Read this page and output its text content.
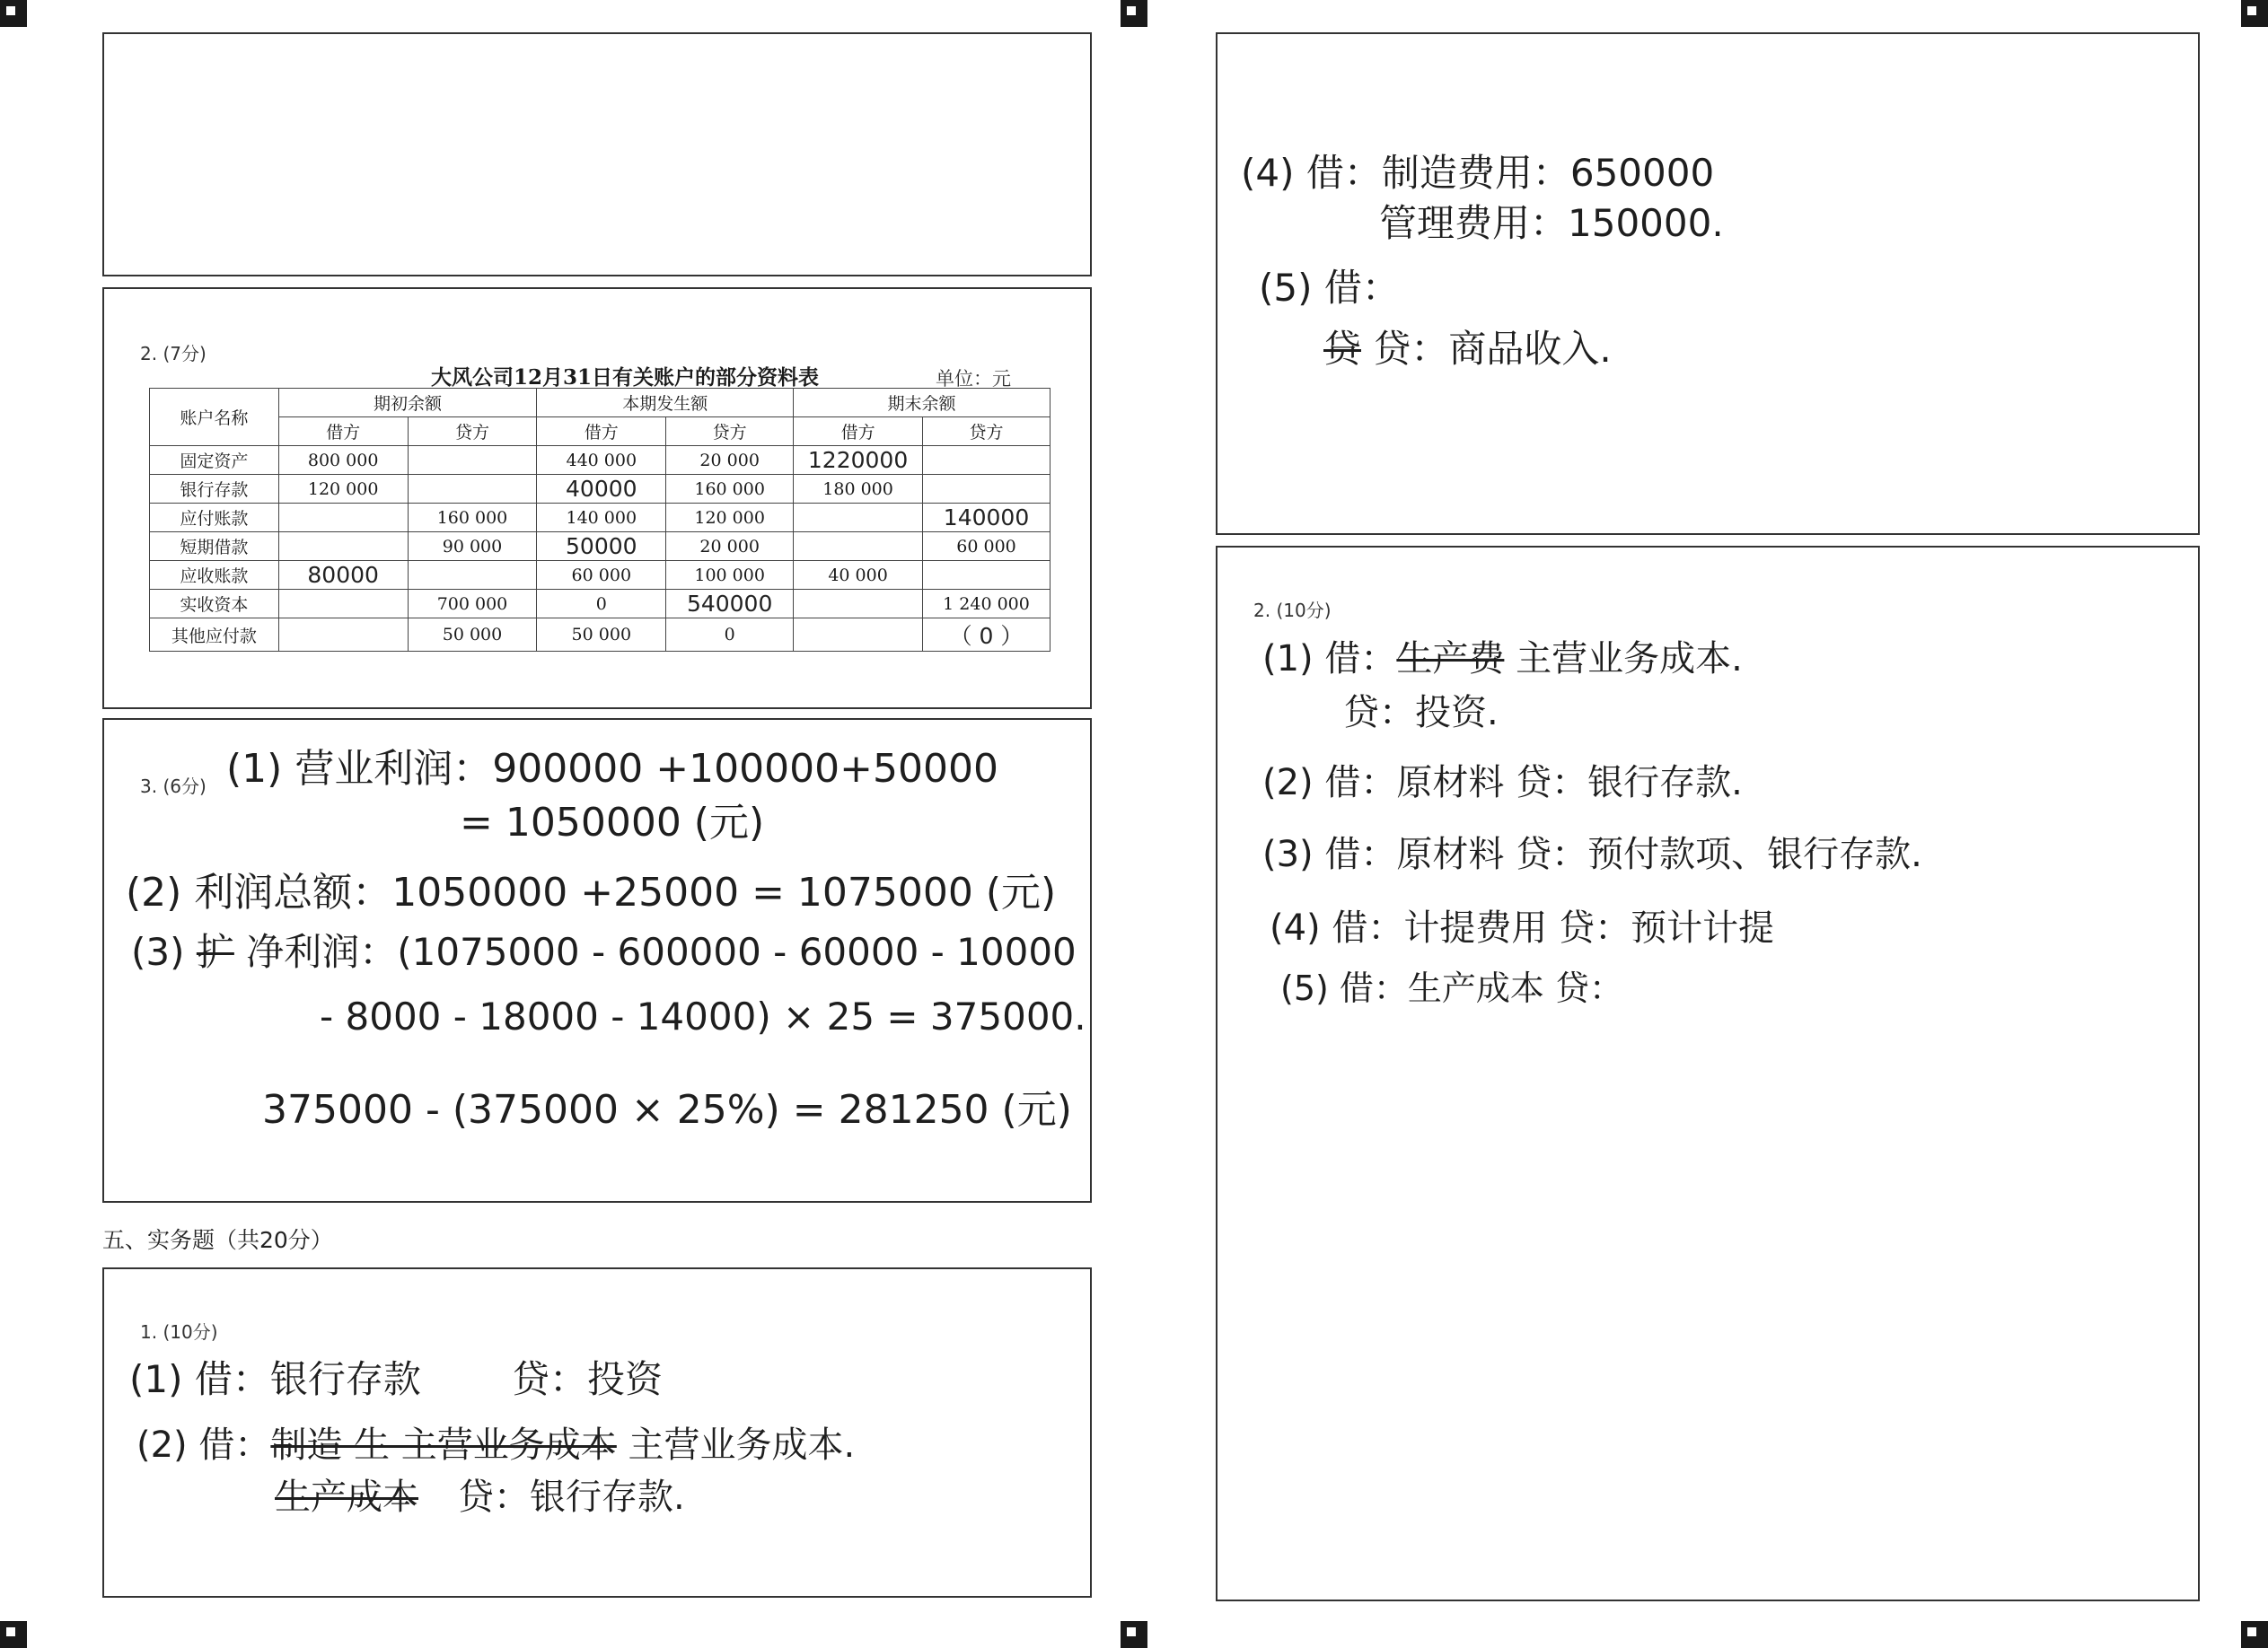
2. (7分)
大风公司12月31日有关账户的部分资料表	单位：元
账户名称	期初余额		本期发生额		期末余额	
	借方	贷方	借方	贷方	借方	贷方
固定资产	800 000		440 000	20 000	1220000	
银行存款	120 000		40000	160 000	180 000	
应付账款		160 000	140 000	120 000		140000
短期借款		90 000	50000	20 000		60 000
应收账款	80000		60 000	100 000	40 000	
实收资本		700 000	0	540000		1 240 000
其他应付款		50 000	50 000	0		（ 0 ）
3. (6分) (1) 营业利润：900000 +100000+50000
= 1050000 (元)
(2) 利润总额：1050000 +25000 = 1075000 (元)
(3) 扩 净利润：(1075000 - 600000 - 60000 - 10000
- 8000 - 18000 - 14000) × 25 = 375000.
375000 - (375000 × 25%) = 281250 (元)
五、实务题（共20分）
1. (10分)
(1) 借：银行存款 贷：投资
(2) 借：制造 生 主营业务成本 主营业务成本.
生产成本 贷：银行存款.
(4) 借：制造费用：650000
管理费用：150000.
(5) 借：
贷 贷：商品收入.
2. (10分)
(1) 借：生产费 主营业务成本.
贷：投资.
(2) 借：原材料 贷：银行存款.
(3) 借：原材料 贷：预付款项、银行存款.
(4) 借：计提费用 贷：预计计提
(5) 借：生产成本 贷：
